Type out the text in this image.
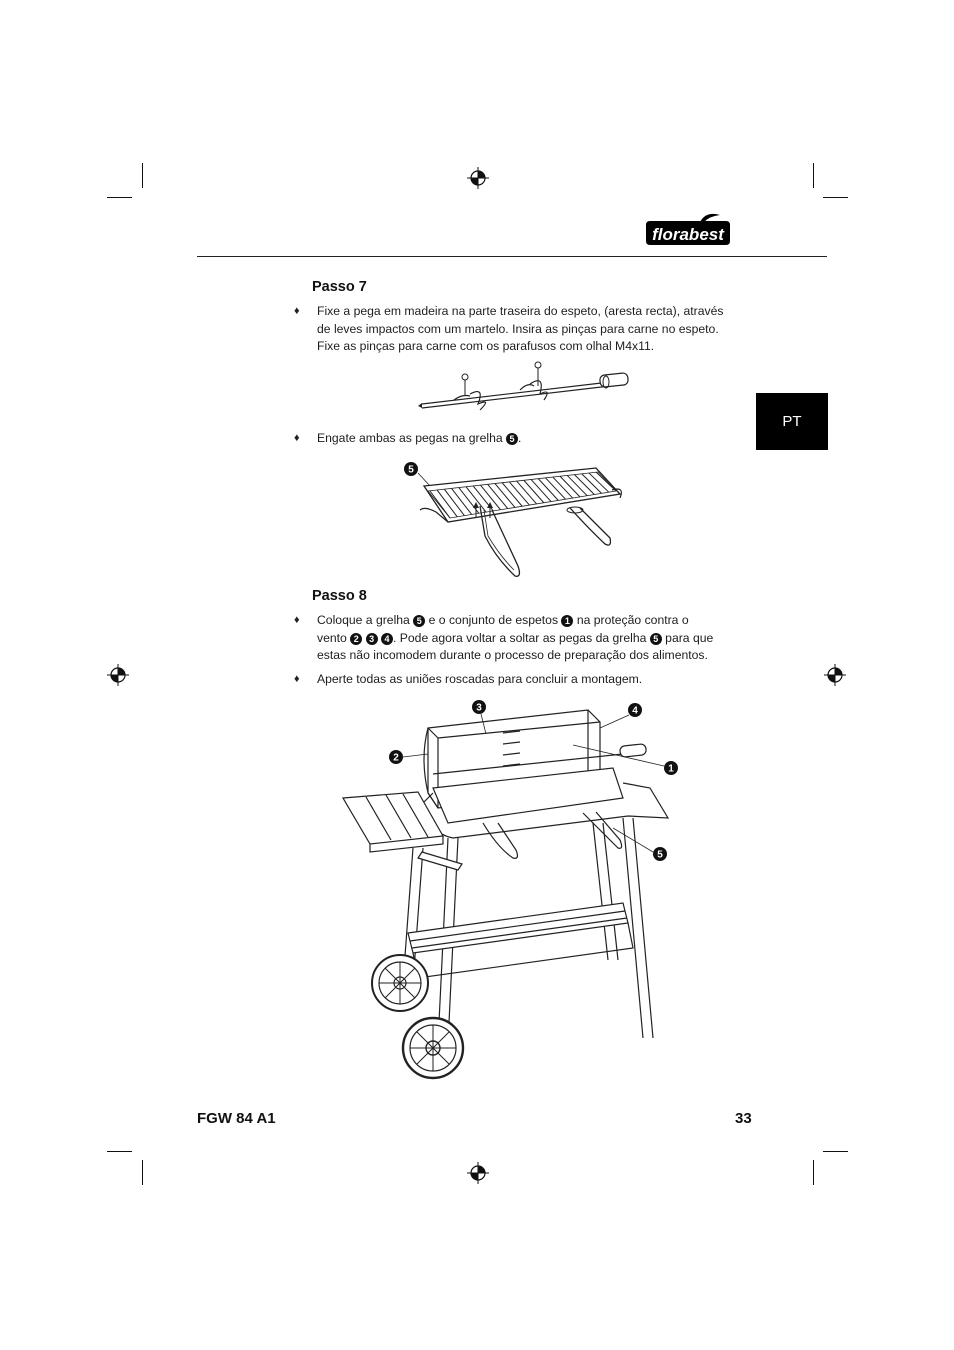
florabest
PT
Passo 7
♦ Fixe a pega em madeira na parte traseira do espeto, (aresta recta), através
de leves impactos com um martelo. Insira as pinças para carne no espeto.
Fixe as pinças para carne com os parafusos com olhal M4x11.
♦ Engate ambas as pegas na grelha 5 .
5
Passo 8
♦ Coloque a grelha 5 e o conjunto de espetos 1 na proteção contra o
vento 2 3 4 . Pode agora voltar a soltar as pegas da grelha 5 para que
estas não incomodem durante o processo de preparação dos alimentos.
♦ Aperte todas as uniões roscadas para concluir a montagem.
3	4
2
1
5
FGW 84 A1	33
